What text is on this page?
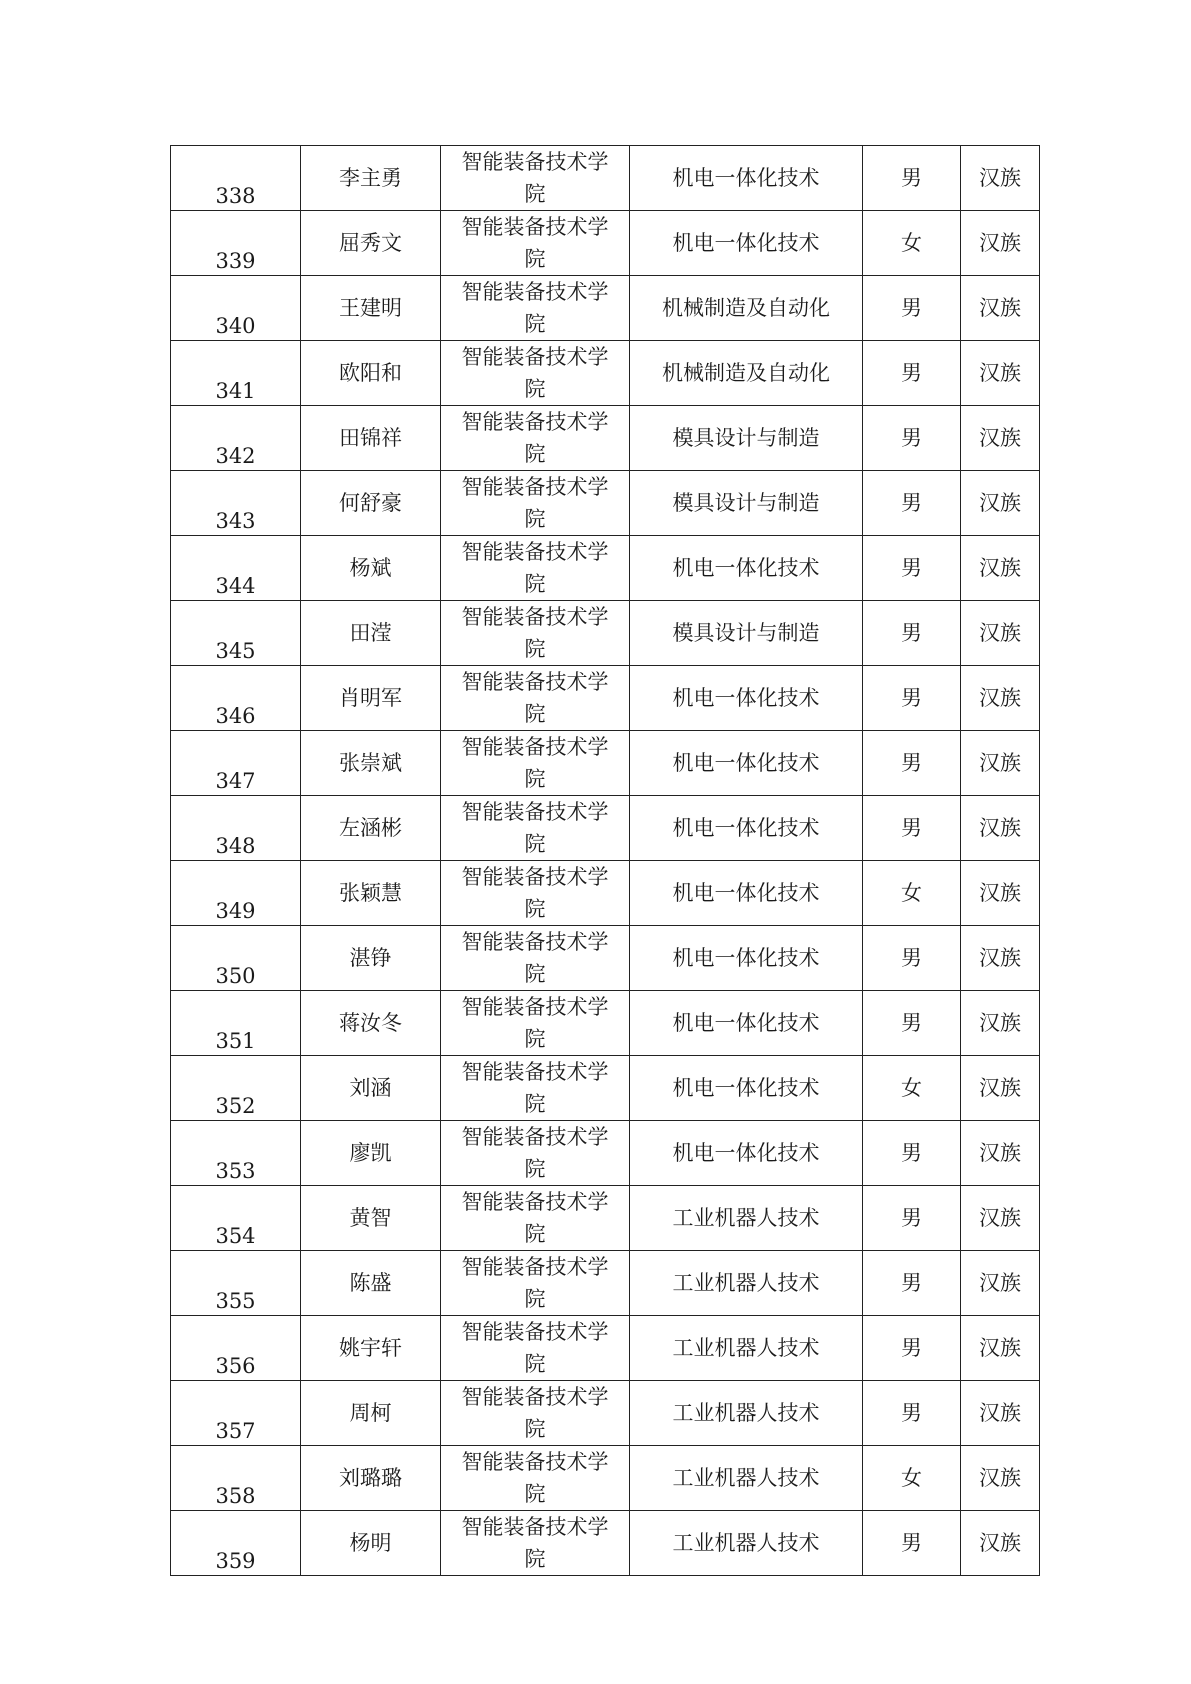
338	李主勇	智能装备技术学院	机电一体化技术	男	汉族
339	屈秀文	智能装备技术学院	机电一体化技术	女	汉族
340	王建明	智能装备技术学院	机械制造及自动化	男	汉族
341	欧阳和	智能装备技术学院	机械制造及自动化	男	汉族
342	田锦祥	智能装备技术学院	模具设计与制造	男	汉族
343	何舒豪	智能装备技术学院	模具设计与制造	男	汉族
344	杨斌	智能装备技术学院	机电一体化技术	男	汉族
345	田滢	智能装备技术学院	模具设计与制造	男	汉族
346	肖明军	智能装备技术学院	机电一体化技术	男	汉族
347	张崇斌	智能装备技术学院	机电一体化技术	男	汉族
348	左涵彬	智能装备技术学院	机电一体化技术	男	汉族
349	张颖慧	智能装备技术学院	机电一体化技术	女	汉族
350	湛铮	智能装备技术学院	机电一体化技术	男	汉族
351	蒋汝冬	智能装备技术学院	机电一体化技术	男	汉族
352	刘涵	智能装备技术学院	机电一体化技术	女	汉族
353	廖凯	智能装备技术学院	机电一体化技术	男	汉族
354	黄智	智能装备技术学院	工业机器人技术	男	汉族
355	陈盛	智能装备技术学院	工业机器人技术	男	汉族
356	姚宇轩	智能装备技术学院	工业机器人技术	男	汉族
357	周柯	智能装备技术学院	工业机器人技术	男	汉族
358	刘璐璐	智能装备技术学院	工业机器人技术	女	汉族
359	杨明	智能装备技术学院	工业机器人技术	男	汉族
